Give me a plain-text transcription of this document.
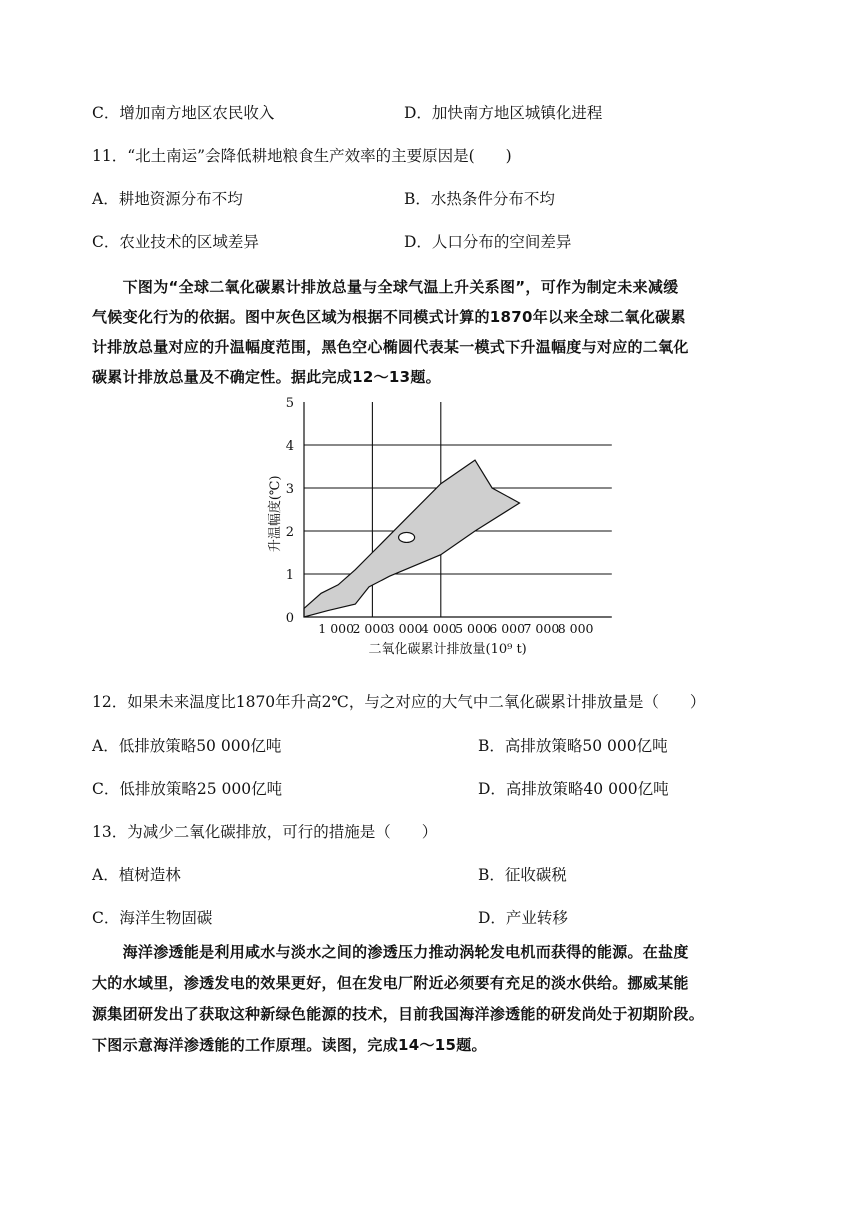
C．增加南方地区农民收入	D．加快南方地区城镇化进程
11．“北土南运”会降低耕地粮食生产效率的主要原因是(　　)
A．耕地资源分布不均	B．水热条件分布不均
C．农业技术的区域差异	D．人口分布的空间差异
　　下图为“全球二氧化碳累计排放总量与全球气温上升关系图”，可作为制定未来减缓
气候变化行为的依据。图中灰色区域为根据不同模式计算的1870年以来全球二氧化碳累
计排放总量对应的升温幅度范围，黑色空心椭圆代表某一模式下升温幅度与对应的二氧化
碳累计排放总量及不确定性。据此完成12～13题。
0
1
2
3
4
5
1 000
2 000
3 000
4 000
5 000
6 000
7 000
8 000
二氧化碳累计排放量(10⁹ t)
升温幅度(℃)
12．如果未来温度比1870年升高2℃，与之对应的大气中二氧化碳累计排放量是（　　）
A．低排放策略50 000亿吨	B．高排放策略50 000亿吨
C．低排放策略25 000亿吨	D．高排放策略40 000亿吨
13．为减少二氧化碳排放，可行的措施是（　　）
A．植树造林	B．征收碳税
C．海洋生物固碳	D．产业转移
　　海洋渗透能是利用咸水与淡水之间的渗透压力推动涡轮发电机而获得的能源。在盐度
大的水域里，渗透发电的效果更好，但在发电厂附近必须要有充足的淡水供给。挪威某能
源集团研发出了获取这种新绿色能源的技术，目前我国海洋渗透能的研发尚处于初期阶段。
下图示意海洋渗透能的工作原理。读图，完成14～15题。
